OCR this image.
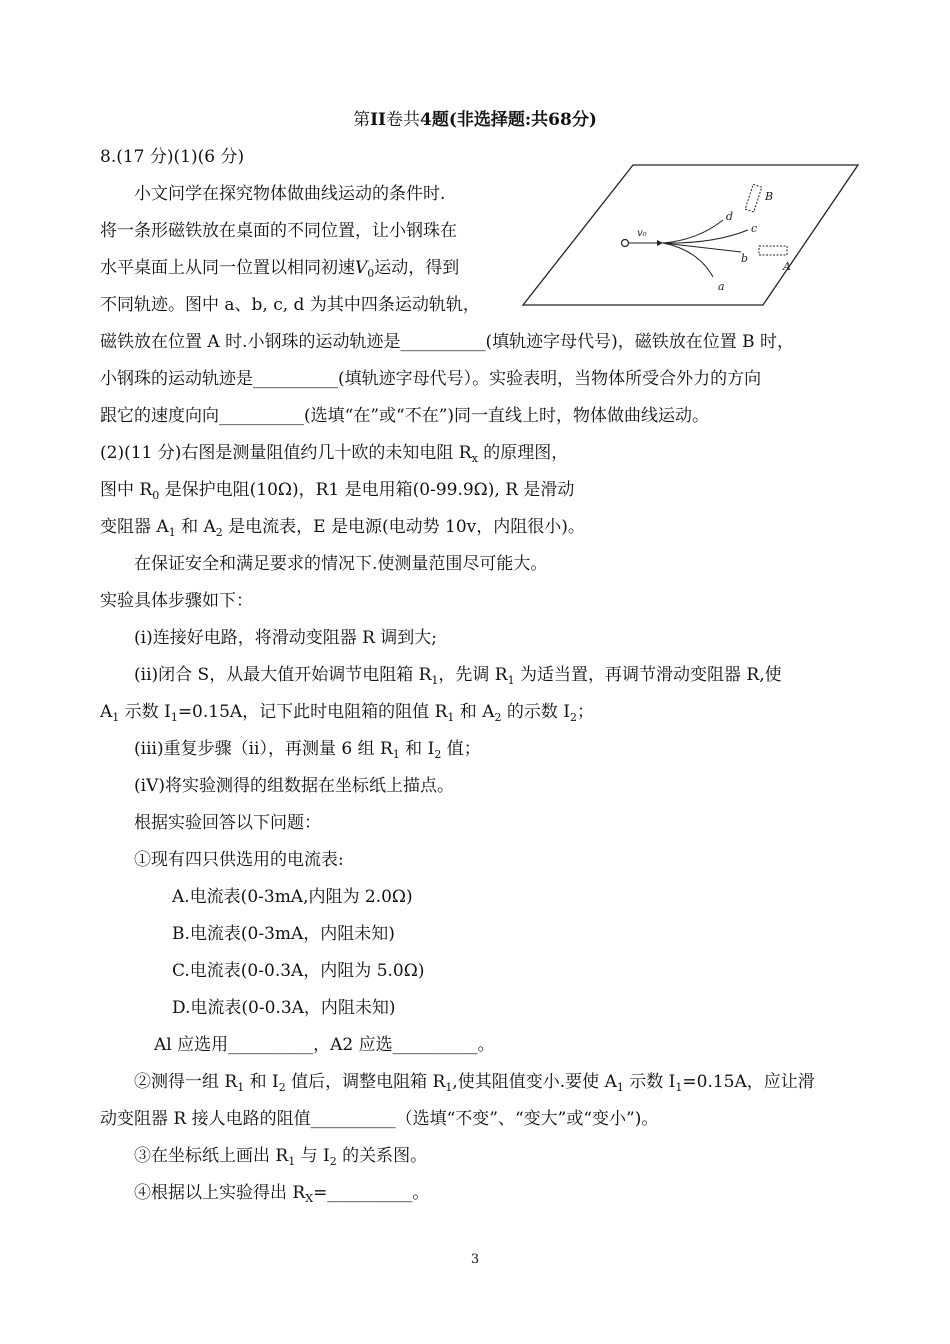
第II卷共4题(非选择题:共68分)
8.(17 分)(1)(6 分)
小文问学在探究物体做曲线运动的条件时.
将一条形磁铁放在桌面的不同位置，让小钢珠在
水平桌面上从同一位置以相同初速$V_0$运动，得到
不同轨迹。图中 a、b, c, d 为其中四条运动轨轨，
磁铁放在位置 A 时.小钢珠的运动轨迹是__________(填轨迹字母代号)，磁铁放在位置 B 时，
小钢珠的运动轨迹是__________(填轨迹字母代号）。实验表明，当物体所受合外力的方向
跟它的速度向向__________(选填“在”或“不在”)同一直线上时，物体做曲线运动。
(2)(11 分)右图是测量阻值约几十欧的未知电阻 $R_x$ 的原理图，
图中 $R_0$ 是保护电阻(10Ω)，R1 是电用箱(0-99.9Ω), R 是滑动
变阻器 $A_1$ 和 $A_2$ 是电流表，E 是电源(电动势 10v，内阻很小)。
在保证安全和满足要求的情况下.使测量范围尽可能大。
实验具体步骤如下：
(i)连接好电路，将滑动变阻器 R 调到大;
(ii)闭合 S，从最大值开始调节电阻箱 $R_1$，先调 $R_1$ 为适当置，再调节滑动变阻器 R,使
$A_1$ 示数 $I_1=0.15A$，记下此时电阻箱的阻值 $R_1$ 和 $A_2$ 的示数 $I_2$；
(iii)重复步骤（ii），再测量 6 组 $R_1$ 和 $I_2$ 值；
(iV)将实验测得的组数据在坐标纸上描点。
根据实验回答以下问题：
①现有四只供选用的电流表:
A.电流表(0-3mA,内阻为 2.0Ω)
B.电流表(0-3mA，内阻未知)
C.电流表(0-0.3A，内阻为 5.0Ω)
D.电流表(0-0.3A，内阻未知)
Al 应选用__________，A2 应选__________。
②测得一组 $R_1$ 和 $I_2$ 值后，调整电阻箱 $R_1$,使其阻值变小.要使 $A_1$ 示数 $I_1=0.15A$，应让滑
动变阻器 R 接人电路的阻值__________（选填“不变”、“变大”或“变小”)。
③在坐标纸上画出 $R_1$ 与 $I_2$ 的关系图。
④根据以上实验得出 $R_X=\_\_\_\_\_\_\_\_\_\_$。
v₀
d
c
b
a
B
A
3
